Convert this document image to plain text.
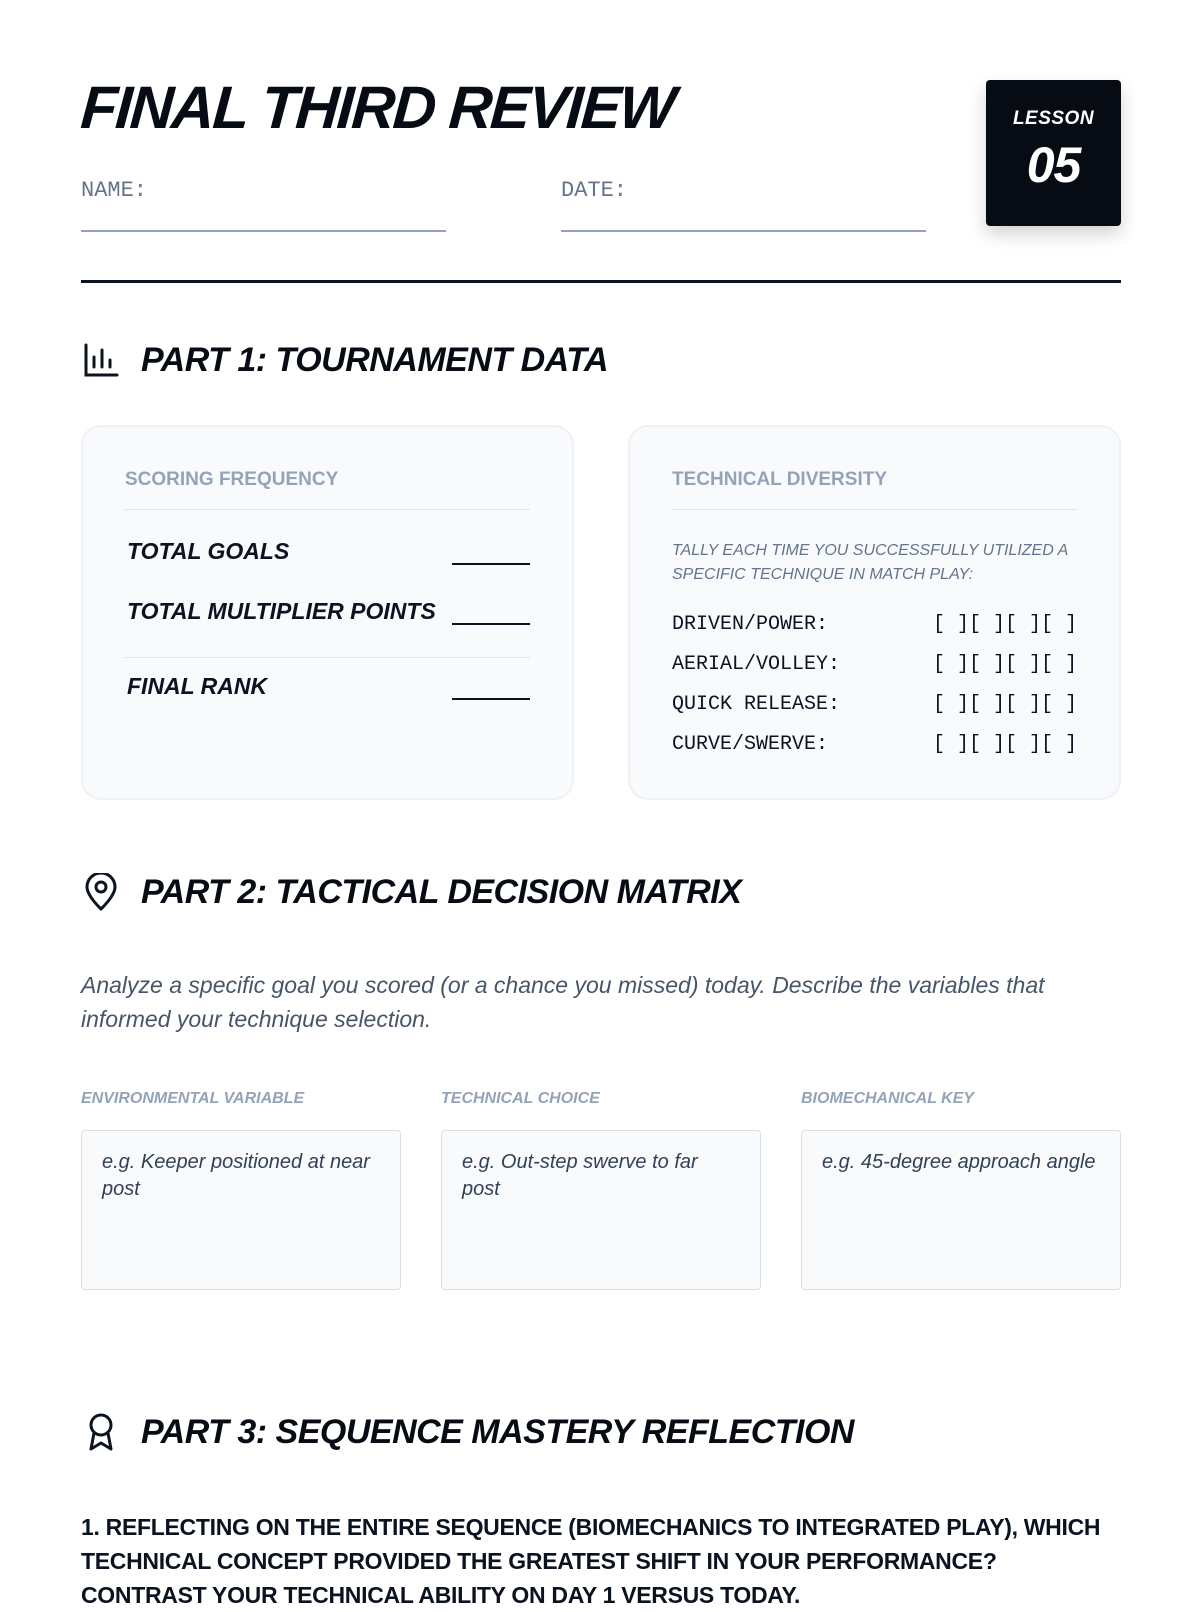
FINAL THIRD REVIEW
NAME:	DATE:
LESSON
05
PART 1: TOURNAMENT DATA
SCORING FREQUENCY
TOTAL GOALS
TOTAL MULTIPLIER POINTS
FINAL RANK
TECHNICAL DIVERSITY
TALLY EACH TIME YOU SUCCESSFULLY UTILIZED A SPECIFIC TECHNIQUE IN MATCH PLAY:
DRIVEN/POWER:	[ ][ ][ ][ ]
AERIAL/VOLLEY:	[ ][ ][ ][ ]
QUICK RELEASE:	[ ][ ][ ][ ]
CURVE/SWERVE:	[ ][ ][ ][ ]
PART 2: TACTICAL DECISION MATRIX
Analyze a specific goal you scored (or a chance you missed) today. Describe the variables that informed your technique selection.
ENVIRONMENTAL VARIABLE
e.g. Keeper positioned at near post
TECHNICAL CHOICE
e.g. Out-step swerve to far post
BIOMECHANICAL KEY
e.g. 45-degree approach angle
PART 3: SEQUENCE MASTERY REFLECTION
1. REFLECTING ON THE ENTIRE SEQUENCE (BIOMECHANICS TO INTEGRATED PLAY), WHICH TECHNICAL CONCEPT PROVIDED THE GREATEST SHIFT IN YOUR PERFORMANCE? CONTRAST YOUR TECHNICAL ABILITY ON DAY 1 VERSUS TODAY.
